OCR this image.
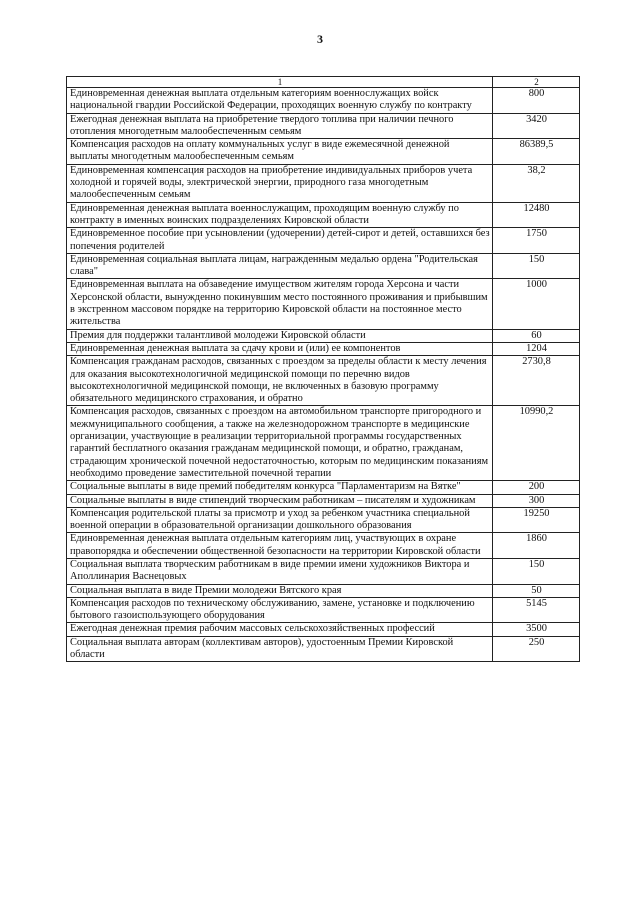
3
1	2
Единовременная денежная выплата отдельным категориям военнослужащих войск национальной гвардии Российской Федерации, проходящих военную службу по контракту	800
Ежегодная денежная выплата на приобретение твердого топлива при наличии печного отопления многодетным малообеспеченным семьям	3420
Компенсация расходов на оплату коммунальных услуг в виде ежемесячной денежной выплаты многодетным малообеспеченным семьям	86389,5
Единовременная компенсация расходов на приобретение индивидуальных приборов учета холодной и горячей воды, электрической энергии, природного газа многодетным малообеспеченным семьям	38,2
Единовременная денежная выплата военнослужащим, проходящим военную службу по контракту в именных воинских подразделениях Кировской области	12480
Единовременное пособие при усыновлении (удочерении) детей-сирот и детей, оставшихся без попечения родителей	1750
Единовременная социальная выплата лицам, награжденным медалью ордена "Родительская слава"	150
Единовременная выплата на обзаведение имуществом жителям города Херсона и части Херсонской области, вынужденно покинувшим место постоянного проживания и прибывшим в экстренном массовом порядке на территорию Кировской области на постоянное место жительства	1000
Премия для поддержки талантливой молодежи Кировской области	60
Единовременная денежная выплата за сдачу крови и (или) ее компонентов	1204
Компенсация гражданам расходов, связанных с проездом за пределы области к месту лечения для оказания высокотехнологичной медицинской помощи по перечню видов высокотехнологичной медицинской помощи, не включенных в базовую программу обязательного медицинского страхования, и обратно	2730,8
Компенсация расходов, связанных с проездом на автомобильном транспорте пригородного и межмуниципального сообщения, а также на железнодорожном транспорте в медицинские организации, участвующие в реализации территориальной программы государственных гарантий бесплатного оказания гражданам медицинской помощи, и обратно, гражданам, страдающим хронической почечной недостаточностью, которым по медицинским показаниям необходимо проведение заместительной почечной терапии	10990,2
Социальные выплаты в виде премий победителям конкурса "Парламентаризм на Вятке"	200
Социальные выплаты в виде стипендий творческим работникам – писателям и художникам	300
Компенсация родительской платы за присмотр и уход за ребенком участника специальной военной операции в образовательной организации дошкольного образования	19250
Единовременная денежная выплата отдельным категориям лиц, участвующих в охране правопорядка и обеспечении общественной безопасности на территории Кировской области	1860
Социальная выплата творческим работникам в виде премии имени художников Виктора и Аполлинария Васнецовых	150
Социальная выплата в виде Премии молодежи Вятского края	50
Компенсация расходов по техническому обслуживанию, замене, установке и подключению бытового газоиспользующего оборудования	5145
Ежегодная денежная премия рабочим массовых сельскохозяйственных профессий	3500
Социальная выплата авторам (коллективам авторов), удостоенным Премии Кировской области	250
